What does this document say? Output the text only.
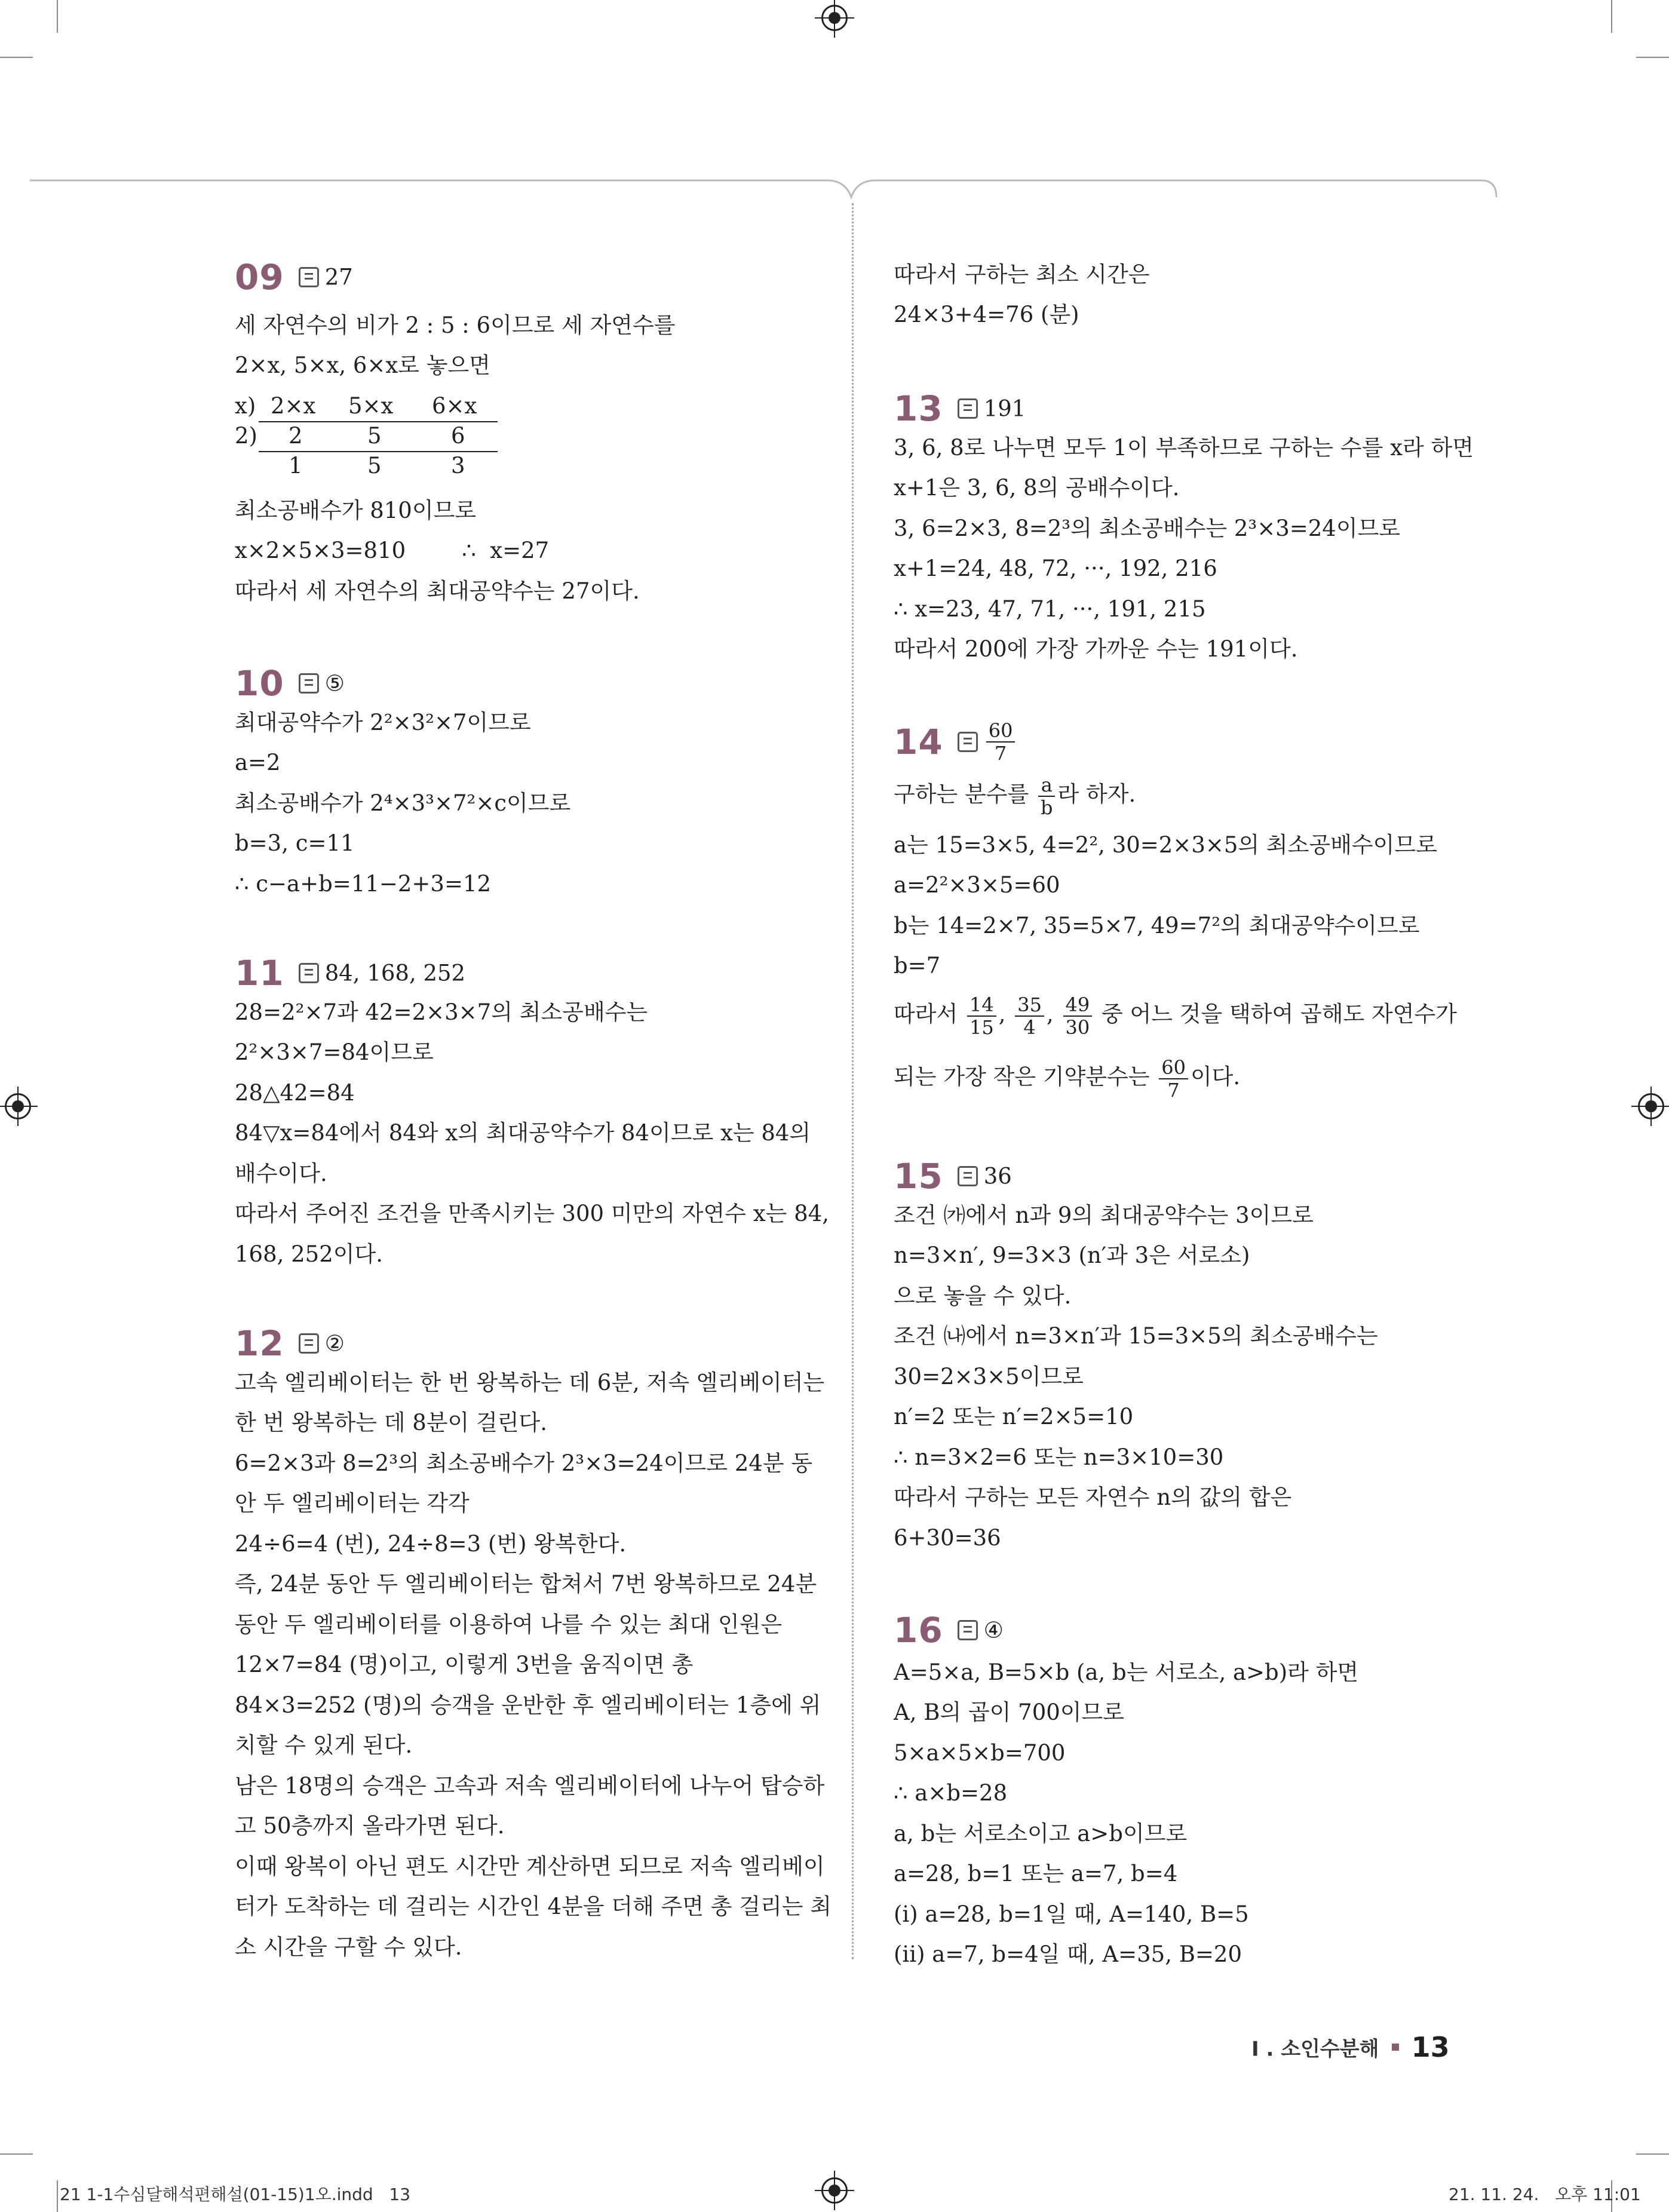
09 27
세 자연수의 비가 2 : 5 : 6이므로 세 자연수를
2×x, 5×x, 6×x로 놓으면
x) 2×x 5×x 6×x
2) 2	5	6
1	5	3
최소공배수가 810이므로
x×2×5×3=810        ∴  x=27
따라서 세 자연수의 최대공약수는 27이다.
10 ⑤
최대공약수가 2²×3²×7이므로
a=2
최소공배수가 2⁴×3³×7²×c이므로
b=3, c=11
∴ c−a+b=11−2+3=12
11 84, 168, 252
28=2²×7과 42=2×3×7의 최소공배수는
2²×3×7=84이므로
28△42=84
84▽x=84에서 84와 x의 최대공약수가 84이므로 x는 84의
배수이다.
따라서 주어진 조건을 만족시키는 300 미만의 자연수 x는 84,
168, 252이다.
12 ②
고속 엘리베이터는 한 번 왕복하는 데 6분, 저속 엘리베이터는
한 번 왕복하는 데 8분이 걸린다.
6=2×3과 8=2³의 최소공배수가 2³×3=24이므로 24분 동
안 두 엘리베이터는 각각
24÷6=4 (번), 24÷8=3 (번) 왕복한다.
즉, 24분 동안 두 엘리베이터는 합쳐서 7번 왕복하므로 24분
동안 두 엘리베이터를 이용하여 나를 수 있는 최대 인원은
12×7=84 (명)이고, 이렇게 3번을 움직이면 총
84×3=252 (명)의 승객을 운반한 후 엘리베이터는 1층에 위
치할 수 있게 된다.
남은 18명의 승객은 고속과 저속 엘리베이터에 나누어 탑승하
고 50층까지 올라가면 된다.
이때 왕복이 아닌 편도 시간만 계산하면 되므로 저속 엘리베이
터가 도착하는 데 걸리는 시간인 4분을 더해 주면 총 걸리는 최
소 시간을 구할 수 있다.
따라서 구하는 최소 시간은
24×3+4=76 (분)
13 191
3, 6, 8로 나누면 모두 1이 부족하므로 구하는 수를 x라 하면
x+1은 3, 6, 8의 공배수이다.
3, 6=2×3, 8=2³의 최소공배수는 2³×3=24이므로
x+1=24, 48, 72, ···, 192, 216
∴ x=23, 47, 71, ···, 191, 215
따라서 200에 가장 가까운 수는 191이다.
$14 \frac{60}{7}$
구하는 분수를 $\frac{a}{b}$ 라 하자.
a는 15=3×5, 4=2², 30=2×3×5의 최소공배수이므로
a=2²×3×5=60
b는 14=2×7, 35=5×7, 49=7²의 최대공약수이므로
b=7
따라서 $\frac{14}{15}$ , $\frac{35}{4}$ , $\frac{49}{30}$ 중 어느 것을 택하여 곱해도 자연수가
되는 가장 작은 기약분수는 $\frac{60}{7}$ 이다.
15 36
조건 ㈎에서 n과 9의 최대공약수는 3이므로
n=3×n′, 9=3×3 (n′과 3은 서로소)
으로 놓을 수 있다.
조건 ㈏에서 n=3×n′과 15=3×5의 최소공배수는
30=2×3×5이므로
n′=2 또는 n′=2×5=10
∴ n=3×2=6 또는 n=3×10=30
따라서 구하는 모든 자연수 n의 값의 합은
6+30=36
16 ④
A=5×a, B=5×b (a, b는 서로소, a>b)라 하면
A, B의 곱이 700이므로
5×a×5×b=700
∴ a×b=28
a, b는 서로소이고 a>b이므로
a=28, b=1 또는 a=7, b=4
(i) a=28, b=1일 때, A=140, B=5
(ii) a=7, b=4일 때, A=35, B=20
I . 소인수분해 13
21 1-1수심달해석편해설(01-15)1오.indd   13	21. 11. 24.   오후 11:01
